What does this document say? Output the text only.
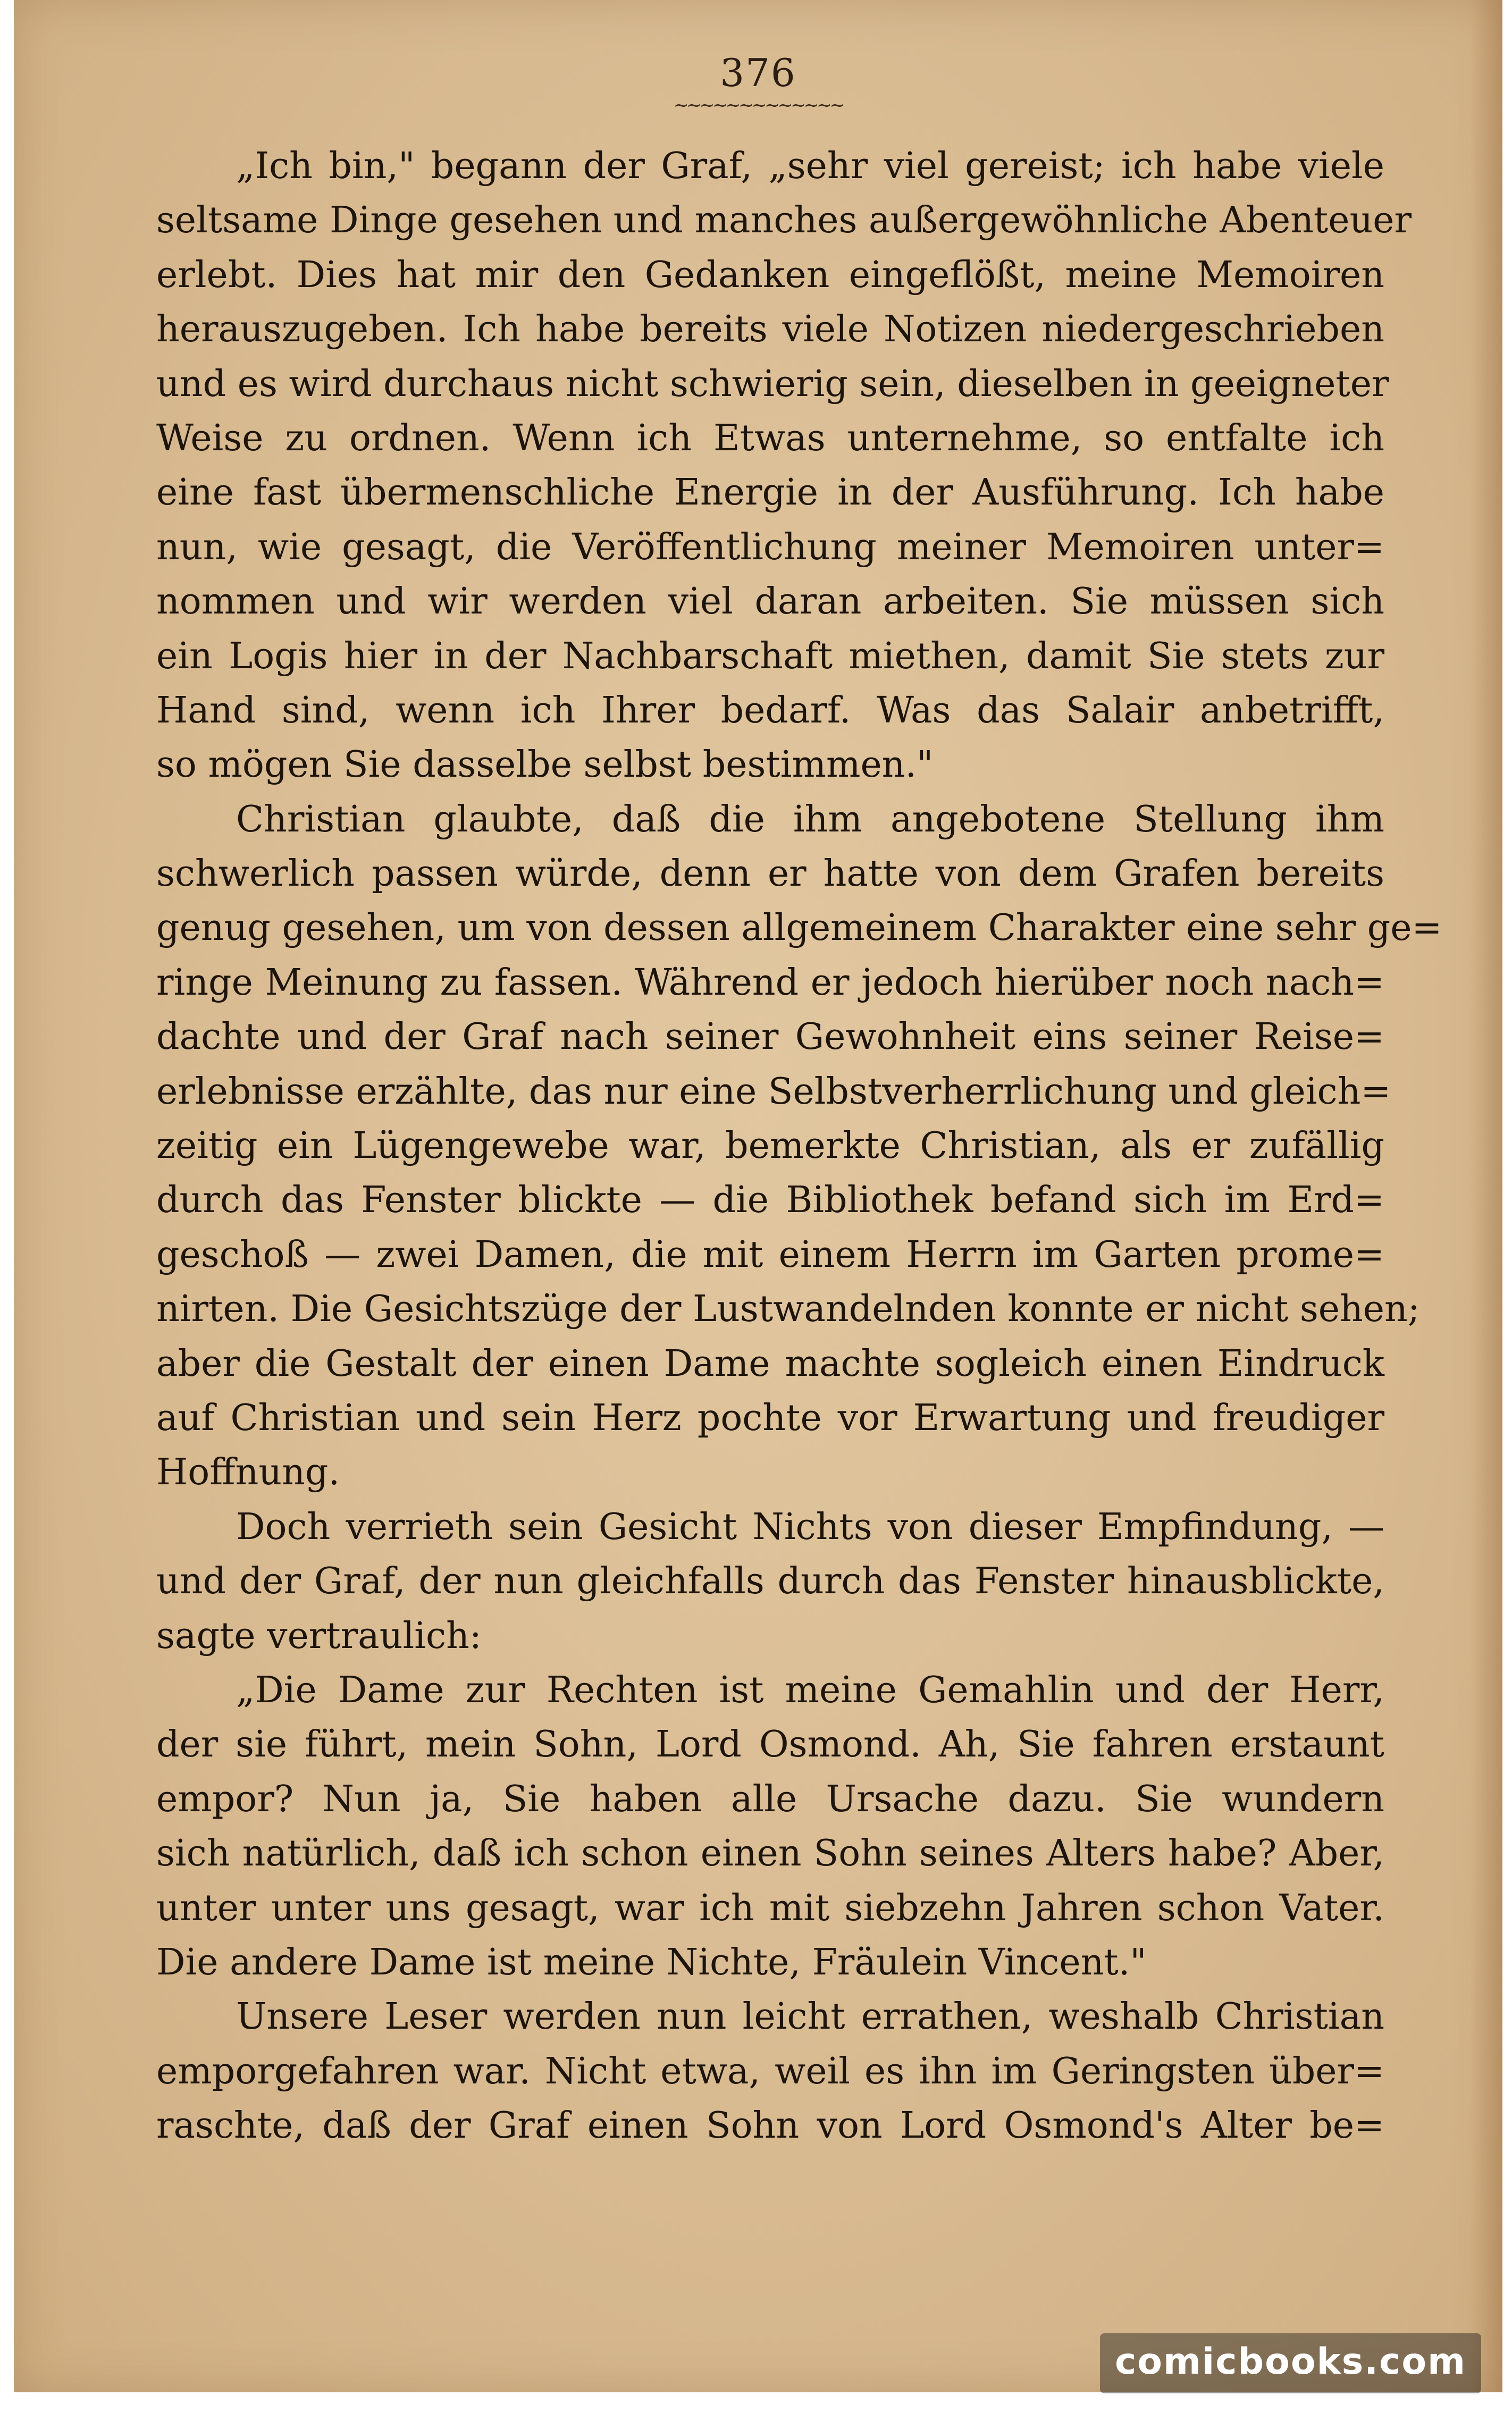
376
~~~~~~~~~~~~~
„Ich bin," begann der Graf, „sehr viel gereist; ich habe viele
seltsame Dinge gesehen und manches außergewöhnliche Abenteuer
erlebt. Dies hat mir den Gedanken eingeflößt, meine Memoiren
herauszugeben. Ich habe bereits viele Notizen niedergeschrieben
und es wird durchaus nicht schwierig sein, dieselben in geeigneter
Weise zu ordnen. Wenn ich Etwas unternehme, so entfalte ich
eine fast übermenschliche Energie in der Ausführung. Ich habe
nun, wie gesagt, die Veröffentlichung meiner Memoiren unter=
nommen und wir werden viel daran arbeiten. Sie müssen sich
ein Logis hier in der Nachbarschaft miethen, damit Sie stets zur
Hand sind, wenn ich Ihrer bedarf. Was das Salair anbetrifft,
so mögen Sie dasselbe selbst bestimmen."
Christian glaubte, daß die ihm angebotene Stellung ihm
schwerlich passen würde, denn er hatte von dem Grafen bereits
genug gesehen, um von dessen allgemeinem Charakter eine sehr ge=
ringe Meinung zu fassen. Während er jedoch hierüber noch nach=
dachte und der Graf nach seiner Gewohnheit eins seiner Reise=
erlebnisse erzählte, das nur eine Selbstverherrlichung und gleich=
zeitig ein Lügengewebe war, bemerkte Christian, als er zufällig
durch das Fenster blickte — die Bibliothek befand sich im Erd=
geschoß — zwei Damen, die mit einem Herrn im Garten prome=
nirten. Die Gesichtszüge der Lustwandelnden konnte er nicht sehen;
aber die Gestalt der einen Dame machte sogleich einen Eindruck
auf Christian und sein Herz pochte vor Erwartung und freudiger
Hoffnung.
Doch verrieth sein Gesicht Nichts von dieser Empfindung, —
und der Graf, der nun gleichfalls durch das Fenster hinausblickte,
sagte vertraulich:
„Die Dame zur Rechten ist meine Gemahlin und der Herr,
der sie führt, mein Sohn, Lord Osmond. Ah, Sie fahren erstaunt
empor? Nun ja, Sie haben alle Ursache dazu. Sie wundern
sich natürlich, daß ich schon einen Sohn seines Alters habe? Aber,
unter unter uns gesagt, war ich mit siebzehn Jahren schon Vater.
Die andere Dame ist meine Nichte, Fräulein Vincent."
Unsere Leser werden nun leicht errathen, weshalb Christian
emporgefahren war. Nicht etwa, weil es ihn im Geringsten über=
raschte, daß der Graf einen Sohn von Lord Osmond's Alter be=
comicbooks.com
